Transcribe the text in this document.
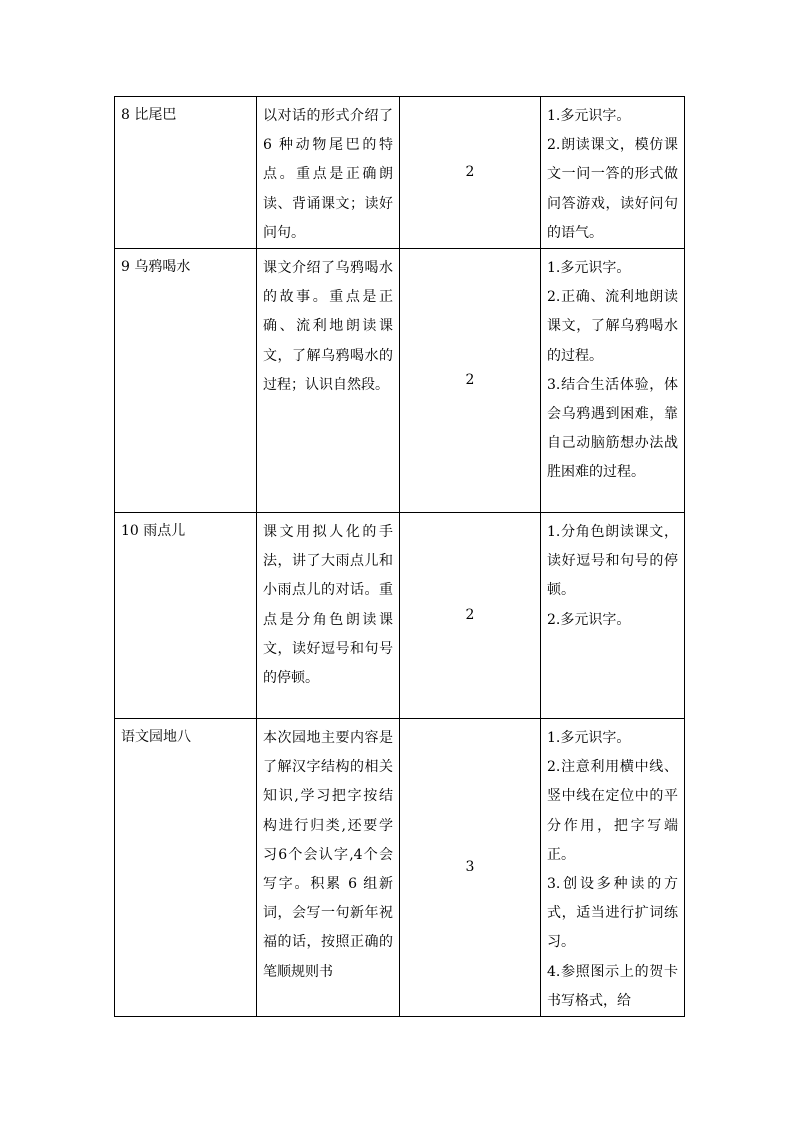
8 比尾巴	以对话的形式介绍了 6 种动物尾巴的特点。重点是正确朗读、背诵课文；读好问句。	2	1.多元识字。
2.朗读课文，模仿课文一问一答的形式做问答游戏，读好问句的语气。

9 乌鸦喝水	课文介绍了乌鸦喝水的故事。重点是正确、流利地朗读课文，了解乌鸦喝水的过程；认识自然段。	2	1.多元识字。
2.正确、流利地朗读课文，了解乌鸦喝水的过程。
3.结合生活体验，体会乌鸦遇到困难，靠自己动脑筋想办法战胜困难的过程。

10 雨点儿	课文用拟人化的手法，讲了大雨点儿和小雨点儿的对话。重点是分角色朗读课文，读好逗号和句号的停顿。	2	1.分角色朗读课文，读好逗号和句号的停顿。
2.多元识字。

语文园地八	本次园地主要内容是了解汉字结构的相关知识,学习把字按结构进行归类,还要学习6个会认字,4个会写字。积累 6 组新词，会写一句新年祝福的话，按照正确的笔顺规则书	3	1.多元识字。
2.注意利用横中线、竖中线在定位中的平分作用，把字写端正。
3.创设多种读的方式，适当进行扩词练习。
4.参照图示上的贺卡书写格式，给
